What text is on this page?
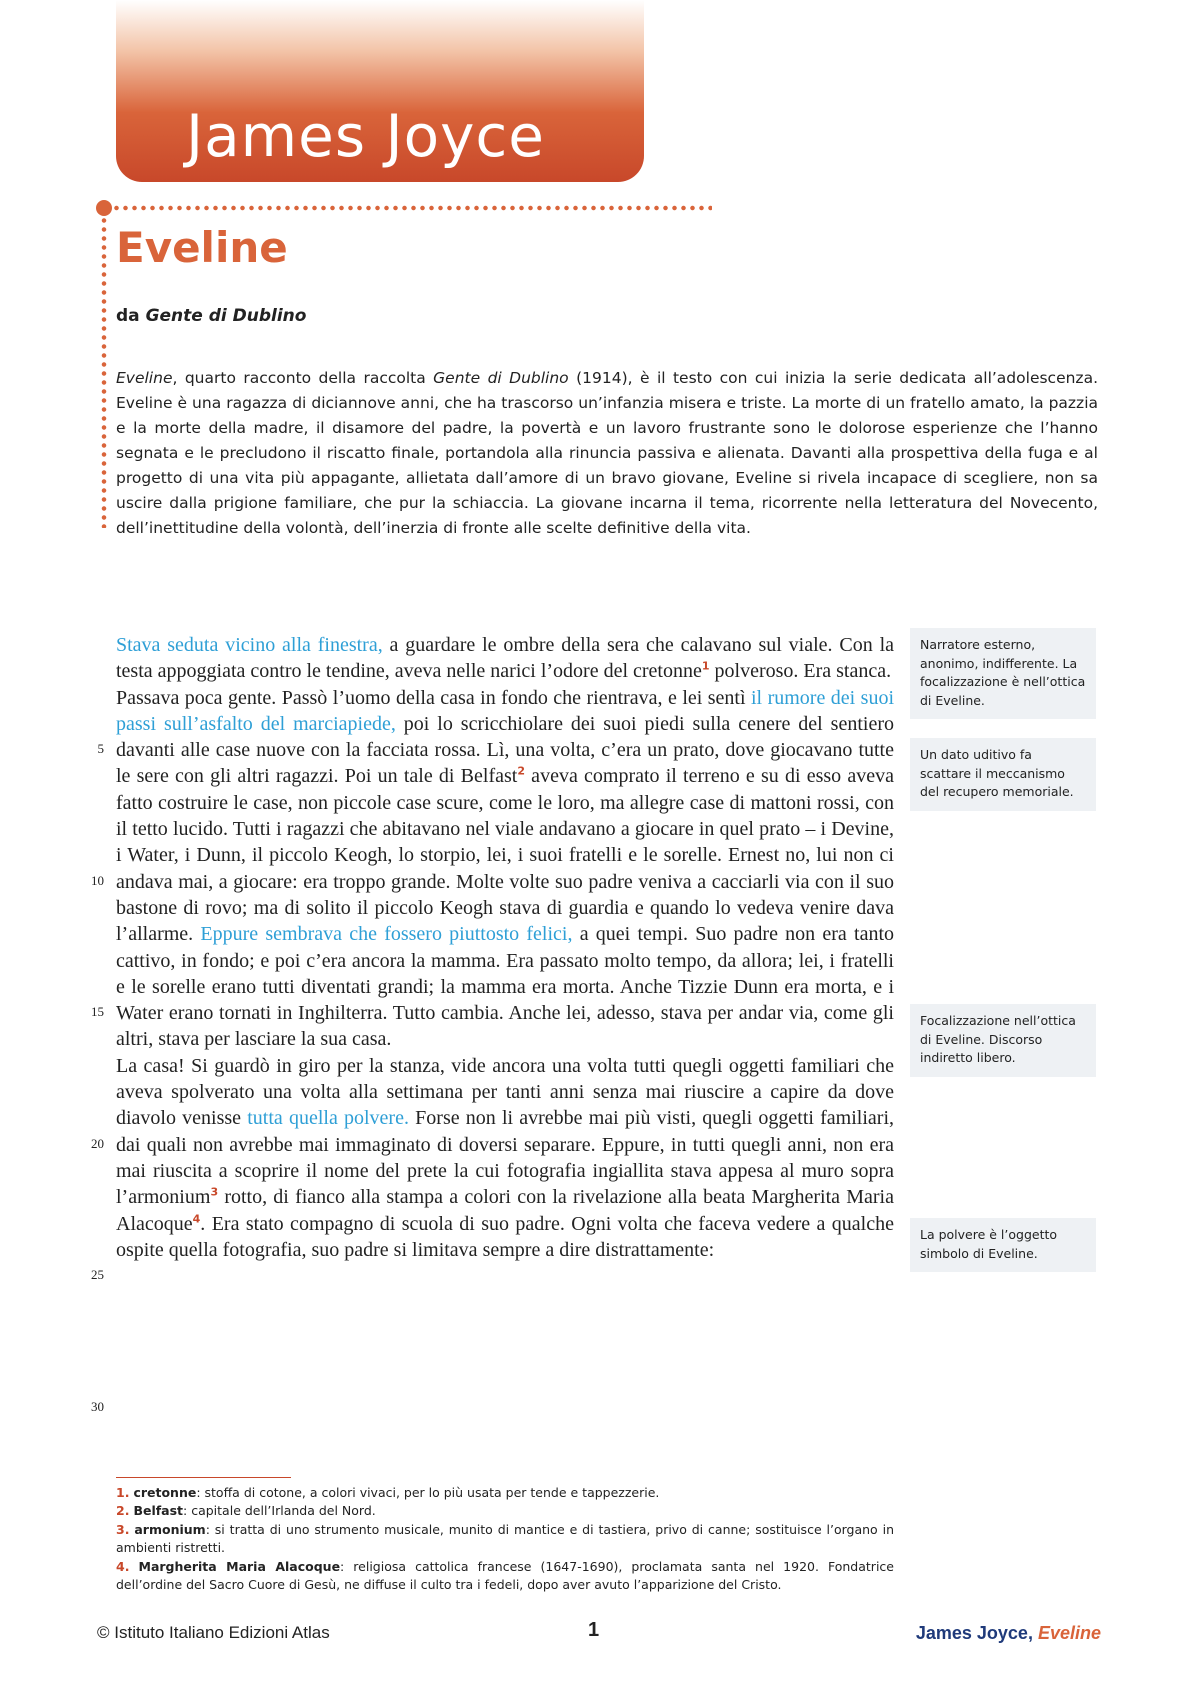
James Joyce
Eveline

da Gente di Dublino

Eveline, quarto racconto della raccolta Gente di Dublino (1914), è il testo con cui inizia la serie dedicata all’adolescenza. Eveline è una ragazza di diciannove anni, che ha trascorso un’infanzia misera e triste. La morte di un fratello amato, la pazzia e la morte della madre, il disamore del padre, la povertà e un lavoro frustrante sono le dolorose esperienze che l’hanno segnata e le precludono il riscatto finale, portandola alla rinuncia passiva e alienata. Davanti alla prospettiva della fuga e al progetto di una vita più appagante, allietata dall’amore di un bravo giovane, Eveline si rivela incapace di scegliere, non sa uscire dalla prigione familiare, che pur la schiaccia. La giovane incarna il tema, ricorrente nella letteratura del Novecento, dell’inettitudine della volontà, dell’inerzia di fronte alle scelte definitive della vita.

Stava seduta vicino alla finestra, a guardare le ombre della sera che calavano sul viale. Con la testa appoggiata contro le tendine, aveva nelle narici l’odore del cretonne$^1$ polveroso. Era stanca.
Passava poca gente. Passò l’uomo della casa in fondo che rientrava, e lei sentì il rumore dei suoi passi sull’asfalto del marciapiede, poi lo scricchiolare dei suoi piedi sulla cenere del sentiero davanti alle case nuove con la facciata rossa. Lì, una volta, c’era un prato, dove giocavano tutte le sere con gli altri ragazzi. Poi un tale di Belfast$^2$ aveva comprato il terreno e su di esso aveva fatto costruire le case, non piccole case scure, come le loro, ma allegre case di mattoni rossi, con il tetto lucido. Tutti i ragazzi che abitavano nel viale andavano a giocare in quel prato – i Devine, i Water, i Dunn, il piccolo Keogh, lo storpio, lei, i suoi fratelli e le sorelle. Ernest no, lui non ci andava mai, a giocare: era troppo grande. Molte volte suo padre veniva a cacciarli via con il suo bastone di rovo; ma di solito il piccolo Keogh stava di guardia e quando lo vedeva venire dava l’allarme. Eppure sembrava che fossero piuttosto felici, a quei tempi. Suo padre non era tanto cattivo, in fondo; e poi c’era ancora la mamma. Era passato molto tempo, da allora; lei, i fratelli e le sorelle erano tutti diventati grandi; la mamma era morta. Anche Tizzie Dunn era morta, e i Water erano tornati in Inghilterra. Tutto cambia. Anche lei, adesso, stava per andar via, come gli altri, stava per lasciare la sua casa.
La casa! Si guardò in giro per la stanza, vide ancora una volta tutti quegli oggetti familiari che aveva spolverato una volta alla settimana per tanti anni senza mai riuscire a capire da dove diavolo venisse tutta quella polvere. Forse non li avrebbe mai più visti, quegli oggetti familiari, dai quali non avrebbe mai immaginato di doversi separare. Eppure, in tutti quegli anni, non era mai riuscita a scoprire il nome del prete la cui fotografia ingiallita stava appesa al muro sopra l’armonium$^3$ rotto, di fianco alla stampa a colori con la rivelazione alla beata Margherita Maria Alacoque$^4$. Era stato compagno di scuola di suo padre. Ogni volta che faceva vedere a qualche ospite quella fotografia, suo padre si limitava sempre a dire distrattamente:

5
10
15
20
25
30
Narratore esterno, anonimo, indifferente. La focalizzazione è nell’ottica di Eveline.
Un dato uditivo fa scattare il meccanismo del recupero memoriale.
Focalizzazione nell’ottica di Eveline. Discorso indiretto libero.
La polvere è l’oggetto simbolo di Eveline.

1. cretonne: stoffa di cotone, a colori vivaci, per lo più usata per tende e tappezzerie.

2. Belfast: capitale dell’Irlanda del Nord.

3. armonium: si tratta di uno strumento musicale, munito di mantice e di tastiera, privo di canne; sostituisce l’organo in ambienti ristretti.

4. Margherita Maria Alacoque: religiosa cattolica francese (1647-1690), proclamata santa nel 1920. Fondatrice dell’ordine del Sacro Cuore di Gesù, ne diffuse il culto tra i fedeli, dopo aver avuto l’apparizione del Cristo.

© Istituto Italiano Edizioni Atlas	1	James Joyce, Eveline
